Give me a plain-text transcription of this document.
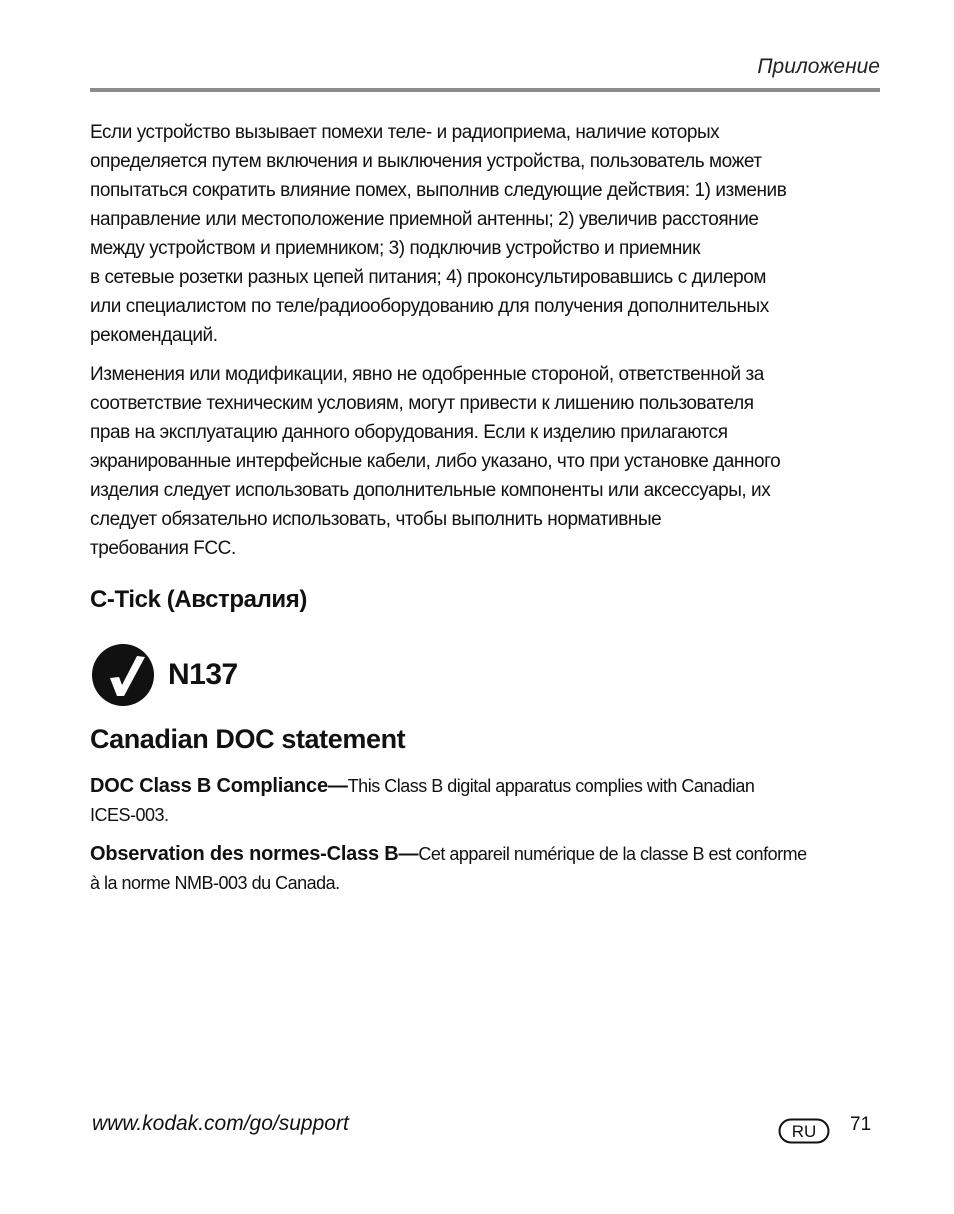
Приложение

Если устройство вызывает помехи теле- и радиоприема, наличие которых
определяется путем включения и выключения устройства, пользователь может
попытаться сократить влияние помех, выполнив следующие действия: 1) изменив
направление или местоположение приемной антенны; 2) увеличив расстояние
между устройством и приемником; 3) подключив устройство и приемник
в сетевые розетки разных цепей питания; 4) проконсультировавшись с дилером
или специалистом по теле/радиооборудованию для получения дополнительных
рекомендаций.

Изменения или модификации, явно не одобренные стороной, ответственной за
соответствие техническим условиям, могут привести к лишению пользователя
прав на эксплуатацию данного оборудования. Если к изделию прилагаются
экранированные интерфейсные кабели, либо указано, что при установке данного
изделия следует использовать дополнительные компоненты или аксессуары, их
следует обязательно использовать, чтобы выполнить нормативные
требования FCC.

C-Tick (Австралия)
N137
Canadian DOC statement
DOC Class B Compliance—This Class B digital apparatus complies with Canadian
ICES-003.
Observation des normes-Class B—Cet appareil numérique de la classe B est conforme
à la norme NMB-003 du Canada.
www.kodak.com/go/support	RU 71
